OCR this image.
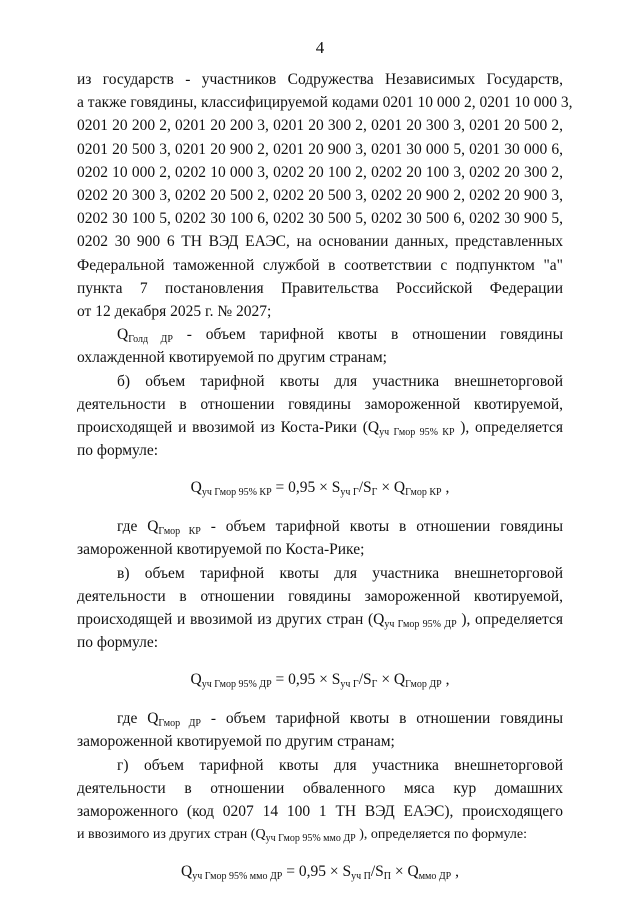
4
из государств - участников Содружества Независимых Государств,
а также говядины, классифицируемой кодами 0201 10 000 2, 0201 10 000 3,
0201 20 200 2, 0201 20 200 3, 0201 20 300 2, 0201 20 300 3, 0201 20 500 2,
0201 20 500 3, 0201 20 900 2, 0201 20 900 3, 0201 30 000 5, 0201 30 000 6,
0202 10 000 2, 0202 10 000 3, 0202 20 100 2, 0202 20 100 3, 0202 20 300 2,
0202 20 300 3, 0202 20 500 2, 0202 20 500 3, 0202 20 900 2, 0202 20 900 3,
0202 30 100 5, 0202 30 100 6, 0202 30 500 5, 0202 30 500 6, 0202 30 900 5,
0202 30 900 6 ТН ВЭД ЕАЭС, на основании данных, представленных
Федеральной таможенной службой в соответствии с подпунктом "а"
пункта 7 постановления Правительства Российской Федерации
от 12 декабря 2025 г. № 2027;
$Q_{Голд ДР}$ - объем тарифной квоты в отношении говядины
охлажденной квотируемой по другим странам;
б) объем тарифной квоты для участника внешнеторговой
деятельности в отношении говядины замороженной квотируемой,
происходящей и ввозимой из Коста-Рики ($Q_{уч Гмор 95\% КР}$ ), определяется
по формуле:
$Q_{уч Гмор 95\% КР} = 0,95 \times S_{уч Г}/S_Г \times Q_{Гмор КР}$ ,
где $Q_{Гмор КР}$ - объем тарифной квоты в отношении говядины
замороженной квотируемой по Коста-Рике;
в) объем тарифной квоты для участника внешнеторговой
деятельности в отношении говядины замороженной квотируемой,
происходящей и ввозимой из других стран ($Q_{уч Гмор 95\% ДР}$ ), определяется
по формуле:
$Q_{уч Гмор 95\% ДР} = 0,95 \times S_{уч Г}/S_Г \times Q_{Гмор ДР}$ ,
где $Q_{Гмор ДР}$ - объем тарифной квоты в отношении говядины
замороженной квотируемой по другим странам;
г) объем тарифной квоты для участника внешнеторговой
деятельности в отношении обваленного мяса кур домашних
замороженного (код 0207 14 100 1 ТН ВЭД ЕАЭС), происходящего
и ввозимого из других стран ($Q_{уч Гмор 95\% ммо ДР}$ ), определяется по формуле:
$Q_{уч Гмор 95\% ммо ДР} = 0,95 \times S_{уч П}/S_П \times Q_{ммо ДР}$ ,
